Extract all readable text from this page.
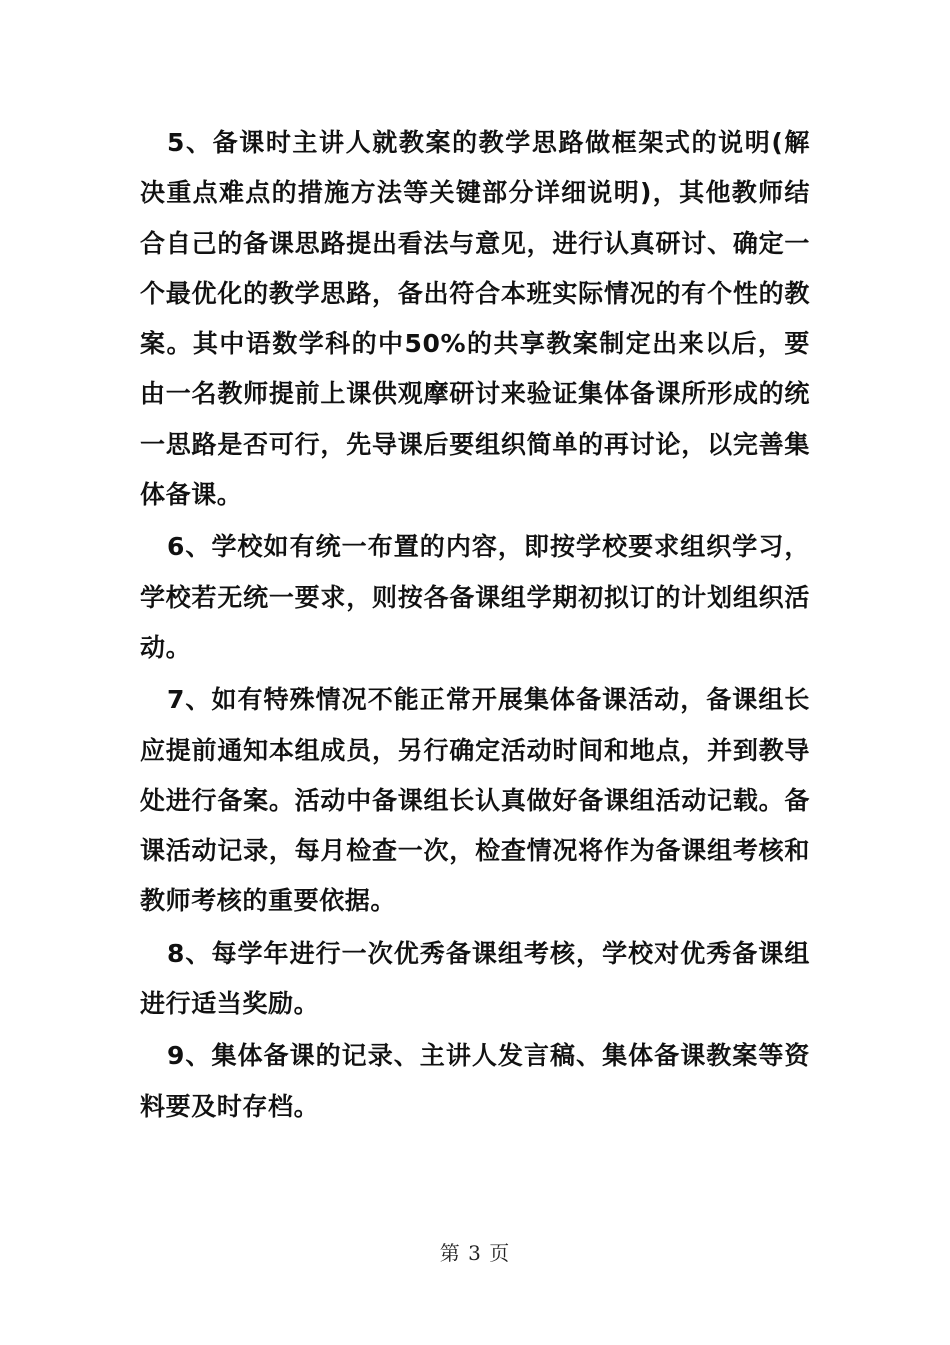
5、备课时主讲人就教案的教学思路做框架式的说明(解决重点难点的措施方法等关键部分详细说明)，其他教师结合自己的备课思路提出看法与意见，进行认真研讨、确定一个最优化的教学思路，备出符合本班实际情况的有个性的教案。其中语数学科的中50%的共享教案制定出来以后，要由一名教师提前上课供观摩研讨来验证集体备课所形成的统一思路是否可行，先导课后要组织简单的再讨论，以完善集体备课。

6、学校如有统一布置的内容，即按学校要求组织学习，学校若无统一要求，则按各备课组学期初拟订的计划组织活动。

7、如有特殊情况不能正常开展集体备课活动，备课组长应提前通知本组成员，另行确定活动时间和地点，并到教导处进行备案。活动中备课组长认真做好备课组活动记载。备课活动记录，每月检查一次，检查情况将作为备课组考核和教师考核的重要依据。

8、每学年进行一次优秀备课组考核，学校对优秀备课组进行适当奖励。

9、集体备课的记录、主讲人发言稿、集体备课教案等资料要及时存档。

第 3 页
